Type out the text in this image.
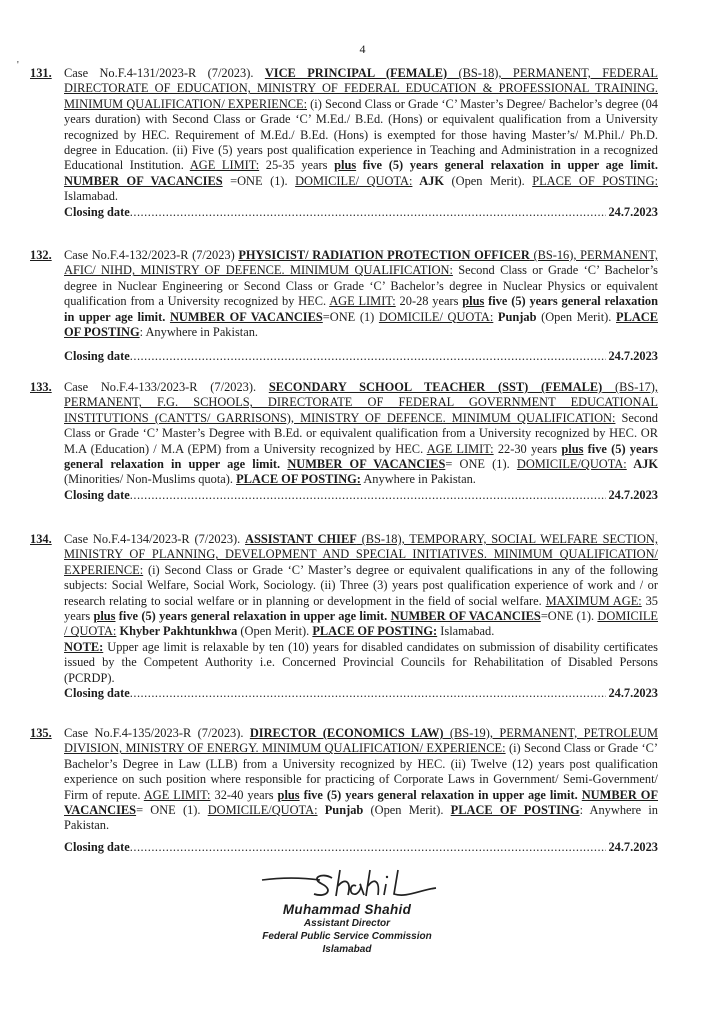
4
'
131. Case No.F.4-131/2023-R (7/2023). VICE PRINCIPAL (FEMALE) (BS-18), PERMANENT, FEDERAL DIRECTORATE OF EDUCATION, MINISTRY OF FEDERAL EDUCATION & PROFESSIONAL TRAINING. MINIMUM QUALIFICATION/ EXPERIENCE: (i) Second Class or Grade ‘C’ Master’s Degree/ Bachelor’s degree (04 years duration) with Second Class or Grade ‘C’ M.Ed./ B.Ed. (Hons) or equivalent qualification from a University recognized by HEC. Requirement of M.Ed./ B.Ed. (Hons) is exempted for those having Master’s/ M.Phil./ Ph.D. degree in Education. (ii) Five (5) years post qualification experience in Teaching and Administration in a recognized Educational Institution. AGE LIMIT: 25-35 years plus five (5) years general relaxation in upper age limit. NUMBER OF VACANCIES =ONE (1). DOMICILE/ QUOTA: AJK (Open Merit). PLACE OF POSTING: Islamabad.
Closing date .....	24.7.2023
132. Case No.F.4-132/2023-R (7/2023) PHYSICIST/ RADIATION PROTECTION OFFICER (BS-16), PERMANENT, AFIC/ NIHD, MINISTRY OF DEFENCE. MINIMUM QUALIFICATION: Second Class or Grade ‘C’ Bachelor’s degree in Nuclear Engineering or Second Class or Grade ‘C’ Bachelor’s degree in Nuclear Physics or equivalent qualification from a University recognized by HEC. AGE LIMIT: 20-28 years plus five (5) years general relaxation in upper age limit. NUMBER OF VACANCIES=ONE (1) DOMICILE/ QUOTA: Punjab (Open Merit). PLACE OF POSTING: Anywhere in Pakistan.
Closing date .....	24.7.2023
133. Case No.F.4-133/2023-R (7/2023). SECONDARY SCHOOL TEACHER (SST) (FEMALE) (BS-17), PERMANENT, F.G. SCHOOLS, DIRECTORATE OF FEDERAL GOVERNMENT EDUCATIONAL INSTITUTIONS (CANTTS/ GARRISONS), MINISTRY OF DEFENCE. MINIMUM QUALIFICATION: Second Class or Grade ‘C’ Master’s Degree with B.Ed. or equivalent qualification from a University recognized by HEC. OR M.A (Education) / M.A (EPM) from a University recognized by HEC. AGE LIMIT: 22-30 years plus five (5) years general relaxation in upper age limit. NUMBER OF VACANCIES= ONE (1). DOMICILE/QUOTA: AJK (Minorities/ Non-Muslims quota). PLACE OF POSTING: Anywhere in Pakistan.
Closing date .....	24.7.2023
134. Case No.F.4-134/2023-R (7/2023). ASSISTANT CHIEF (BS-18), TEMPORARY, SOCIAL WELFARE SECTION, MINISTRY OF PLANNING, DEVELOPMENT AND SPECIAL INITIATIVES. MINIMUM QUALIFICATION/ EXPERIENCE: (i) Second Class or Grade ‘C’ Master’s degree or equivalent qualifications in any of the following subjects: Social Welfare, Social Work, Sociology. (ii) Three (3) years post qualification experience of work and / or research relating to social welfare or in planning or development in the field of social welfare. MAXIMUM AGE: 35 years plus five (5) years general relaxation in upper age limit. NUMBER OF VACANCIES=ONE (1). DOMICILE / QUOTA: Khyber Pakhtunkhwa (Open Merit). PLACE OF POSTING: Islamabad.
NOTE: Upper age limit is relaxable by ten (10) years for disabled candidates on submission of disability certificates issued by the Competent Authority i.e. Concerned Provincial Councils for Rehabilitation of Disabled Persons (PCRDP).
Closing date .....	24.7.2023
135. Case No.F.4-135/2023-R (7/2023). DIRECTOR (ECONOMICS LAW) (BS-19), PERMANENT, PETROLEUM DIVISION, MINISTRY OF ENERGY. MINIMUM QUALIFICATION/ EXPERIENCE: (i) Second Class or Grade ‘C’ Bachelor’s Degree in Law (LLB) from a University recognized by HEC. (ii) Twelve (12) years post qualification experience on such position where responsible for practicing of Corporate Laws in Government/ Semi-Government/ Firm of repute. AGE LIMIT: 32-40 years plus five (5) years general relaxation in upper age limit. NUMBER OF VACANCIES= ONE (1). DOMICILE/QUOTA: Punjab (Open Merit). PLACE OF POSTING: Anywhere in Pakistan.
Closing date .....	24.7.2023
Muhammad Shahid
Assistant Director
Federal Public Service Commission
Islamabad
